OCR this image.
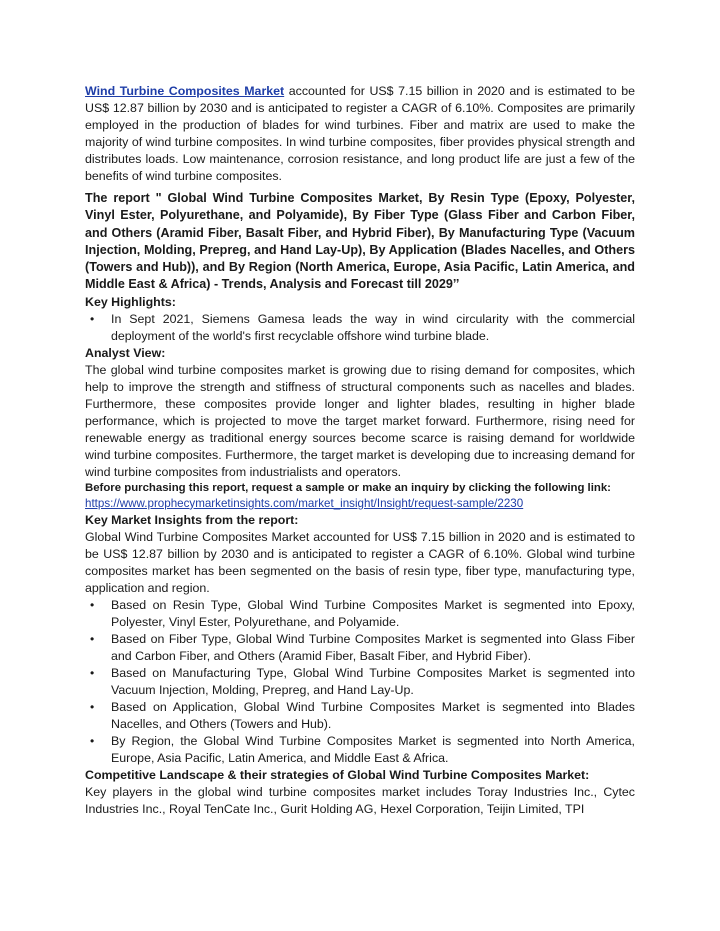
Wind Turbine Composites Market accounted for US$ 7.15 billion in 2020 and is estimated to be US$ 12.87 billion by 2030 and is anticipated to register a CAGR of 6.10%. Composites are primarily employed in the production of blades for wind turbines. Fiber and matrix are used to make the majority of wind turbine composites. In wind turbine composites, fiber provides physical strength and distributes loads. Low maintenance, corrosion resistance, and long product life are just a few of the benefits of wind turbine composites.

The report " Global Wind Turbine Composites Market, By Resin Type (Epoxy, Polyester, Vinyl Ester, Polyurethane, and Polyamide), By Fiber Type (Glass Fiber and Carbon Fiber, and Others (Aramid Fiber, Basalt Fiber, and Hybrid Fiber), By Manufacturing Type (Vacuum Injection, Molding, Prepreg, and Hand Lay-Up), By Application (Blades Nacelles, and Others (Towers and Hub)), and By Region (North America, Europe, Asia Pacific, Latin America, and Middle East & Africa) - Trends, Analysis and Forecast till 2029’’

Key Highlights:
• In Sept 2021, Siemens Gamesa leads the way in wind circularity with the commercial deployment of the world's first recyclable offshore wind turbine blade.
Analyst View:

The global wind turbine composites market is growing due to rising demand for composites, which help to improve the strength and stiffness of structural components such as nacelles and blades. Furthermore, these composites provide longer and lighter blades, resulting in higher blade performance, which is projected to move the target market forward. Furthermore, rising need for renewable energy as traditional energy sources become scarce is raising demand for worldwide wind turbine composites. Furthermore, the target market is developing due to increasing demand for wind turbine composites from industrialists and operators.

Before purchasing this report, request a sample or make an inquiry by clicking the following link:
https://www.prophecymarketinsights.com/market_insight/Insight/request-sample/2230
Key Market Insights from the report:

Global Wind Turbine Composites Market accounted for US$ 7.15 billion in 2020 and is estimated to be US$ 12.87 billion by 2030 and is anticipated to register a CAGR of 6.10%. Global wind turbine composites market has been segmented on the basis of resin type, fiber type, manufacturing type, application and region.

• Based on Resin Type, Global Wind Turbine Composites Market is segmented into Epoxy, Polyester, Vinyl Ester, Polyurethane, and Polyamide.
• Based on Fiber Type, Global Wind Turbine Composites Market is segmented into Glass Fiber and Carbon Fiber, and Others (Aramid Fiber, Basalt Fiber, and Hybrid Fiber).
• Based on Manufacturing Type, Global Wind Turbine Composites Market is segmented into Vacuum Injection, Molding, Prepreg, and Hand Lay-Up.
• Based on Application, Global Wind Turbine Composites Market is segmented into Blades Nacelles, and Others (Towers and Hub).
• By Region, the Global Wind Turbine Composites Market is segmented into North America, Europe, Asia Pacific, Latin America, and Middle East & Africa.
Competitive Landscape & their strategies of Global Wind Turbine Composites Market:

Key players in the global wind turbine composites market includes Toray Industries Inc., Cytec Industries Inc., Royal TenCate Inc., Gurit Holding AG, Hexel Corporation, Teijin Limited, TPI
